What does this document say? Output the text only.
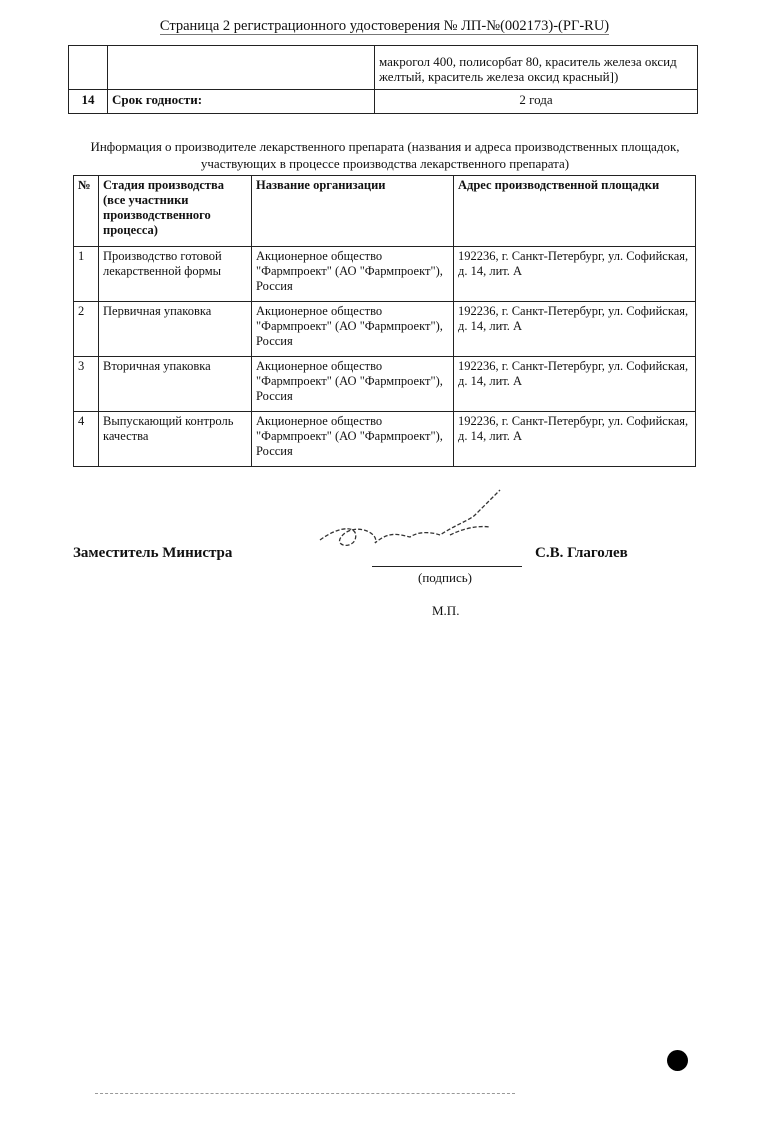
Страница 2 регистрационного удостоверения № ЛП-№(002173)-(РГ-RU)
		макрогол 400, полисорбат 80, краситель железа оксид желтый, краситель железа оксид красный])
14	Срок годности:	2 года
Информация о производителе лекарственного препарата (названия и адреса производственных площадок, участвующих в процессе производства лекарственного препарата)
№	Стадия производства (все участники производственного процесса)	Название организации	Адрес производственной площадки
1	Производство готовой лекарственной формы	Акционерное общество "Фармпроект" (АО "Фармпроект"), Россия	192236, г. Санкт-Петербург, ул. Софийская, д. 14, лит. А
2	Первичная упаковка	Акционерное общество "Фармпроект" (АО "Фармпроект"), Россия	192236, г. Санкт-Петербург, ул. Софийская, д. 14, лит. А
3	Вторичная упаковка	Акционерное общество "Фармпроект" (АО "Фармпроект"), Россия	192236, г. Санкт-Петербург, ул. Софийская, д. 14, лит. А
4	Выпускающий контроль качества	Акционерное общество "Фармпроект" (АО "Фармпроект"), Россия	192236, г. Санкт-Петербург, ул. Софийская, д. 14, лит. А
Заместитель Министра	С.В. Глаголев
(подпись)
М.П.
